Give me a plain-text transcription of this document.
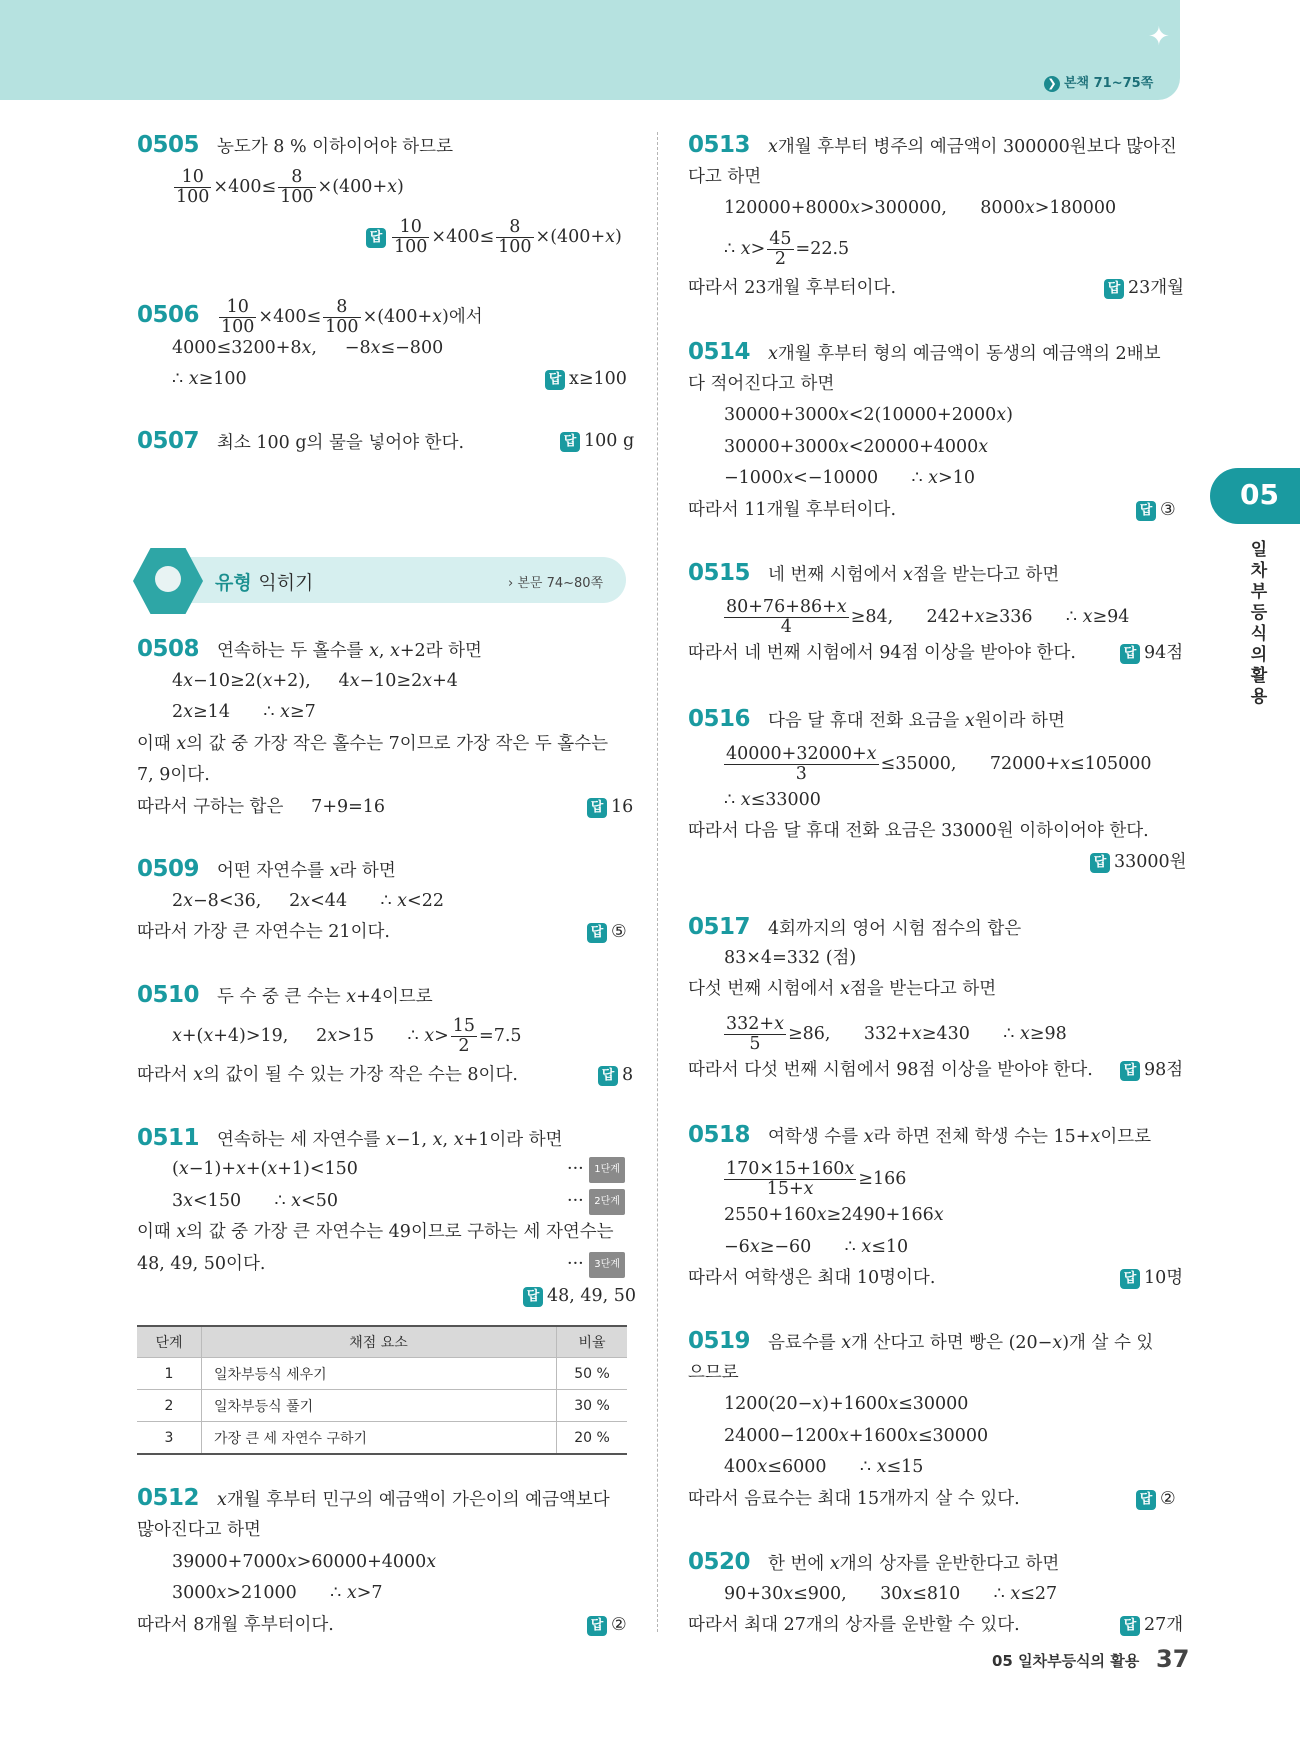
✦
❯ 본책 71~75쪽
0505 농도가 8 % 이하이어야 하므로
$\frac{10}{100} \times 400\le \frac{8}{100} \times(400+x)$
답 $\frac{10}{100} \times 400\le \frac{8}{100} \times(400+x)$
$0506 \frac{10}{100} \times 400\le \frac{8}{100} \times(400+x)$에서
4000≤3200+8x,     −8x≤−800
∴ x≥100	답 x≥100
0507 최소 100 g의 물을 넣어야 한다.	답 100 g
유형 익히기	› 본문 74~80쪽
0508 연속하는 두 홀수를 x, x+2라 하면
4x−10≥2(x+2),     4x−10≥2x+4
2x≥14      ∴ x≥7
이때 x의 값 중 가장 작은 홀수는 7이므로 가장 작은 두 홀수는
7, 9이다.
따라서 구하는 합은     7+9=16	답 16
0509 어떤 자연수를 x라 하면
2x−8<36,     2x<44      ∴ x<22
따라서 가장 큰 자연수는 21이다.	답 ⑤
0510 두 수 중 큰 수는 x+4이므로
x+(x+4)>19,     2x>15      ∴ $x> \frac{15}{2} =7.5$
따라서 x의 값이 될 수 있는 가장 작은 수는 8이다.	답 8
0511 연속하는 세 자연수를 x−1, x, x+1이라 하면
(x−1)+x+(x+1)<150	··· 1단계
3x<150      ∴ x<50	··· 2단계
이때 x의 값 중 가장 큰 자연수는 49이므로 구하는 세 자연수는
48, 49, 50이다.	··· 3단계
답 48, 49, 50
단계	채점 요소	비율
1	일차부등식 세우기	50 %
2	일차부등식 풀기	30 %
3	가장 큰 세 자연수 구하기	20 %
0512 x개월 후부터 민구의 예금액이 가은이의 예금액보다
많아진다고 하면
39000+7000x>60000+4000x
3000x>21000      ∴ x>7
따라서 8개월 후부터이다.	답 ②
0513 x개월 후부터 병주의 예금액이 300000원보다 많아진
다고 하면
120000+8000x>300000,      8000x>180000
∴ $x> \frac{45}{2} =22.5$
따라서 23개월 후부터이다.	답 23개월
0514 x개월 후부터 형의 예금액이 동생의 예금액의 2배보
다 적어진다고 하면
30000+3000x<2(10000+2000x)
30000+3000x<20000+4000x
−1000x<−10000      ∴ x>10
따라서 11개월 후부터이다.	답 ③
0515 네 번째 시험에서 x점을 받는다고 하면
$\frac{80+76+86+x}{4} \ge 84$,      242+x≥336      ∴ x≥94
따라서 네 번째 시험에서 94점 이상을 받아야 한다.	답 94점
0516 다음 달 휴대 전화 요금을 x원이라 하면
$\frac{40000+32000+x}{3} \le 35000$,      72000+x≤105000
∴ x≤33000
따라서 다음 달 휴대 전화 요금은 33000원 이하이어야 한다.
답 33000원
0517 4회까지의 영어 시험 점수의 합은
83×4=332 (점)
다섯 번째 시험에서 x점을 받는다고 하면
$\frac{332+x}{5} \ge 86$,      332+x≥430      ∴ x≥98
따라서 다섯 번째 시험에서 98점 이상을 받아야 한다. 답 98점
0518 여학생 수를 x라 하면 전체 학생 수는 15+x이므로
$\frac{170\times 15+160x}{15+x} \ge 166$
2550+160x≥2490+166x
−6x≥−60      ∴ x≤10
따라서 여학생은 최대 10명이다.	답 10명
0519 음료수를 x개 산다고 하면 빵은 (20−x)개 살 수 있
으므로
1200(20−x)+1600x≤30000
24000−1200x+1600x≤30000
400x≤6000      ∴ x≤15
따라서 음료수는 최대 15개까지 살 수 있다.	답 ②
0520 한 번에 x개의 상자를 운반한다고 하면
90+30x≤900,      30x≤810      ∴ x≤27
따라서 최대 27개의 상자를 운반할 수 있다.	답 27개
05
일차부등식의활용
05 일차부등식의 활용 37
